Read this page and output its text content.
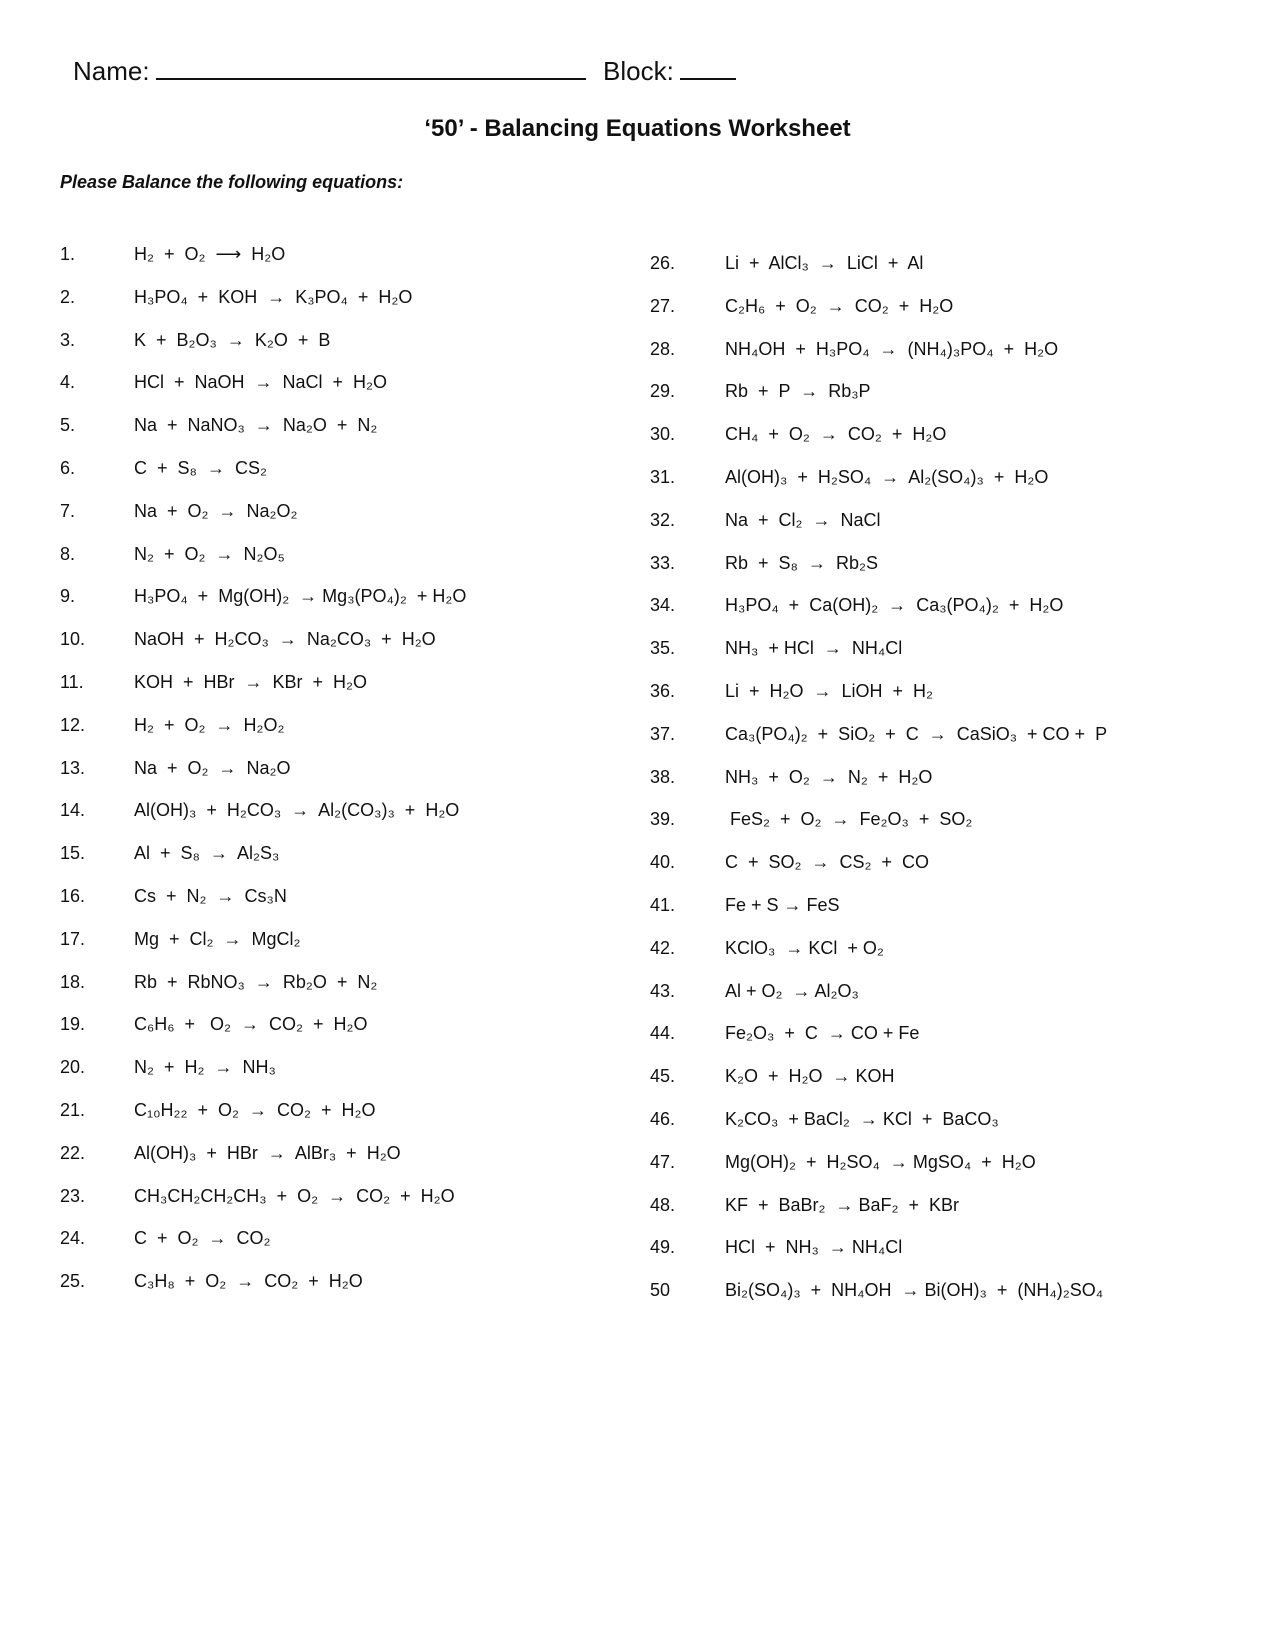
Name:	Block:
‘50’ - Balancing Equations Worksheet
Please Balance the following equations:
1.	H₂  +  O₂  ⟶  H₂O
2.	H₃PO₄  +  KOH  →  K₃PO₄  +  H₂O
3.	K  +  B₂O₃  →  K₂O  +  B
4.	HCl  +  NaOH  →  NaCl  +  H₂O
5.	Na  +  NaNO₃  →  Na₂O  +  N₂
6.	C  +  S₈  →  CS₂
7.	Na  +  O₂  →  Na₂O₂
8.	N₂  +  O₂  →  N₂O₅
9.	H₃PO₄  +  Mg(OH)₂  → Mg₃(PO₄)₂  + H₂O
10.	NaOH  +  H₂CO₃  →  Na₂CO₃  +  H₂O
11.	KOH  +  HBr  →  KBr  +  H₂O
12.	H₂  +  O₂  →  H₂O₂
13.	Na  +  O₂  →  Na₂O
14.	Al(OH)₃  +  H₂CO₃  →  Al₂(CO₃)₃  +  H₂O
15.	Al  +  S₈  →  Al₂S₃
16.	Cs  +  N₂  →  Cs₃N
17.	Mg  +  Cl₂  →  MgCl₂
18.	Rb  +  RbNO₃  →  Rb₂O  +  N₂
19.	C₆H₆  +   O₂  →  CO₂  +  H₂O
20.	N₂  +  H₂  →  NH₃
21.	C₁₀H₂₂  +  O₂  →  CO₂  +  H₂O
22.	Al(OH)₃  +  HBr  →  AlBr₃  +  H₂O
23.	CH₃CH₂CH₂CH₃  +  O₂  →  CO₂  +  H₂O
24.	C  +  O₂  →  CO₂
25.	C₃H₈  +  O₂  →  CO₂  +  H₂O
26.	Li  +  AlCl₃  →  LiCl  +  Al
27.	C₂H₆  +  O₂  →  CO₂  +  H₂O
28.	NH₄OH  +  H₃PO₄  →  (NH₄)₃PO₄  +  H₂O
29.	Rb  +  P  →  Rb₃P
30.	CH₄  +  O₂  →  CO₂  +  H₂O
31.	Al(OH)₃  +  H₂SO₄  →  Al₂(SO₄)₃  +  H₂O
32.	Na  +  Cl₂  →  NaCl
33.	Rb  +  S₈  →  Rb₂S
34.	H₃PO₄  +  Ca(OH)₂  →  Ca₃(PO₄)₂  +  H₂O
35.	NH₃  + HCl  →  NH₄Cl
36.	Li  +  H₂O  →  LiOH  +  H₂
37.	Ca₃(PO₄)₂  +  SiO₂  +  C  →  CaSiO₃  + CO +  P
38.	NH₃  +  O₂  →  N₂  +  H₂O
39.	FeS₂  +  O₂  →  Fe₂O₃  +  SO₂
40.	C  +  SO₂  →  CS₂  +  CO
41.	Fe + S → FeS
42.	KClO₃  → KCl  + O₂
43.	Al + O₂  → Al₂O₃
44.	Fe₂O₃  +  C  → CO + Fe
45.	K₂O  +  H₂O  → KOH
46.	K₂CO₃  + BaCl₂  → KCl  +  BaCO₃
47.	Mg(OH)₂  +  H₂SO₄  → MgSO₄  +  H₂O
48.	KF  +  BaBr₂  → BaF₂  +  KBr
49.	HCl  +  NH₃  → NH₄Cl
50	Bi₂(SO₄)₃  +  NH₄OH  → Bi(OH)₃  +  (NH₄)₂SO₄
